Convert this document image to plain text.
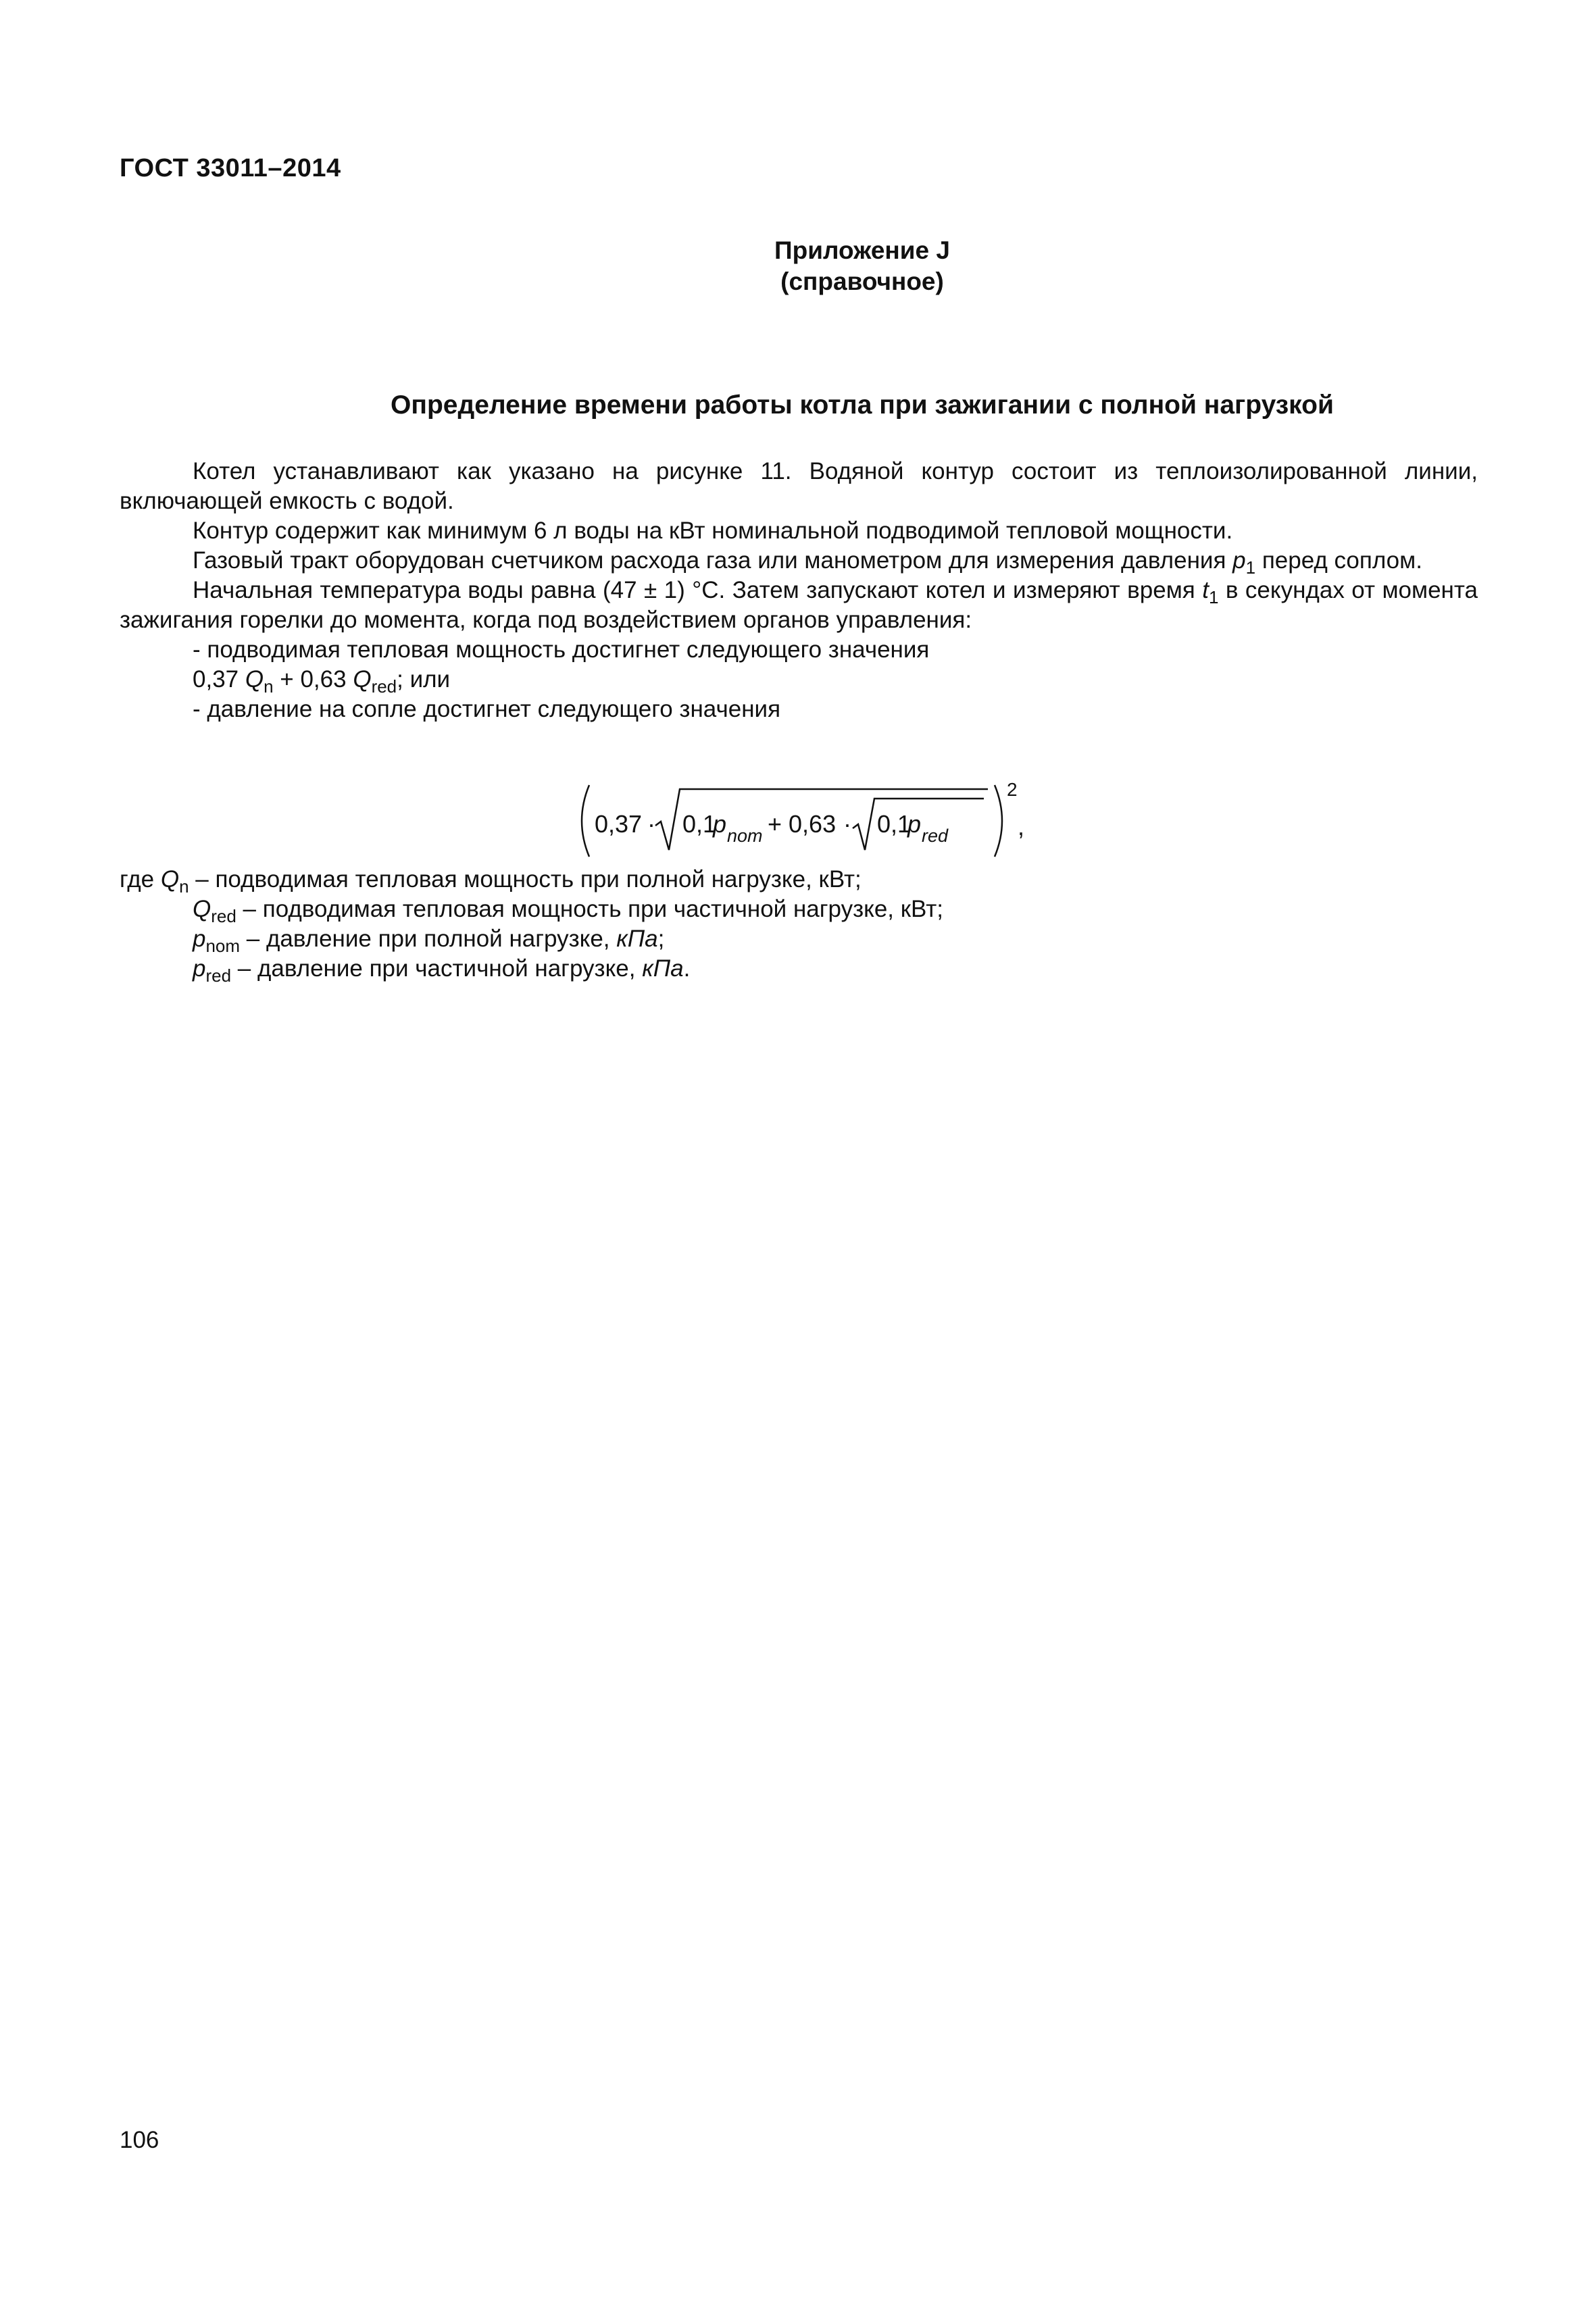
ГОСТ 33011–2014
Приложение J
(справочное)
Определение времени работы котла при зажигании с полной нагрузкой

Котел устанавливают как указано на рисунке 11. Водяной контур состоит из теплоизолированной линии, включающей емкость с водой.

Контур содержит как минимум 6 л воды на кВт номинальной подводимой тепловой мощности.

Газовый тракт оборудован счетчиком расхода газа или манометром для измерения давления $p_1$ перед соплом.

Начальная температура воды равна (47 ± 1) °С. Затем запускают котел и измеряют время $t_1$ в секундах от момента зажигания горелки до момента, когда под воздействием органов управления:

- подводимая тепловая мощность достигнет следующего значения

0,37 $Q_n + 0,63$ $Q_{red}$; или

- давление на сопле достигнет следующего значения

0,37 · 0,1
p nom + 0,63 · 0,1
p red
2
,

где $Q_n$ – подводимая тепловая мощность при полной нагрузке, кВт;

$Q_{red}$ – подводимая тепловая мощность при частичной нагрузке, кВт;

$p_{nom}$ – давление при полной нагрузке, кПа;

$p_{red}$ – давление при частичной нагрузке, кПа.

106
